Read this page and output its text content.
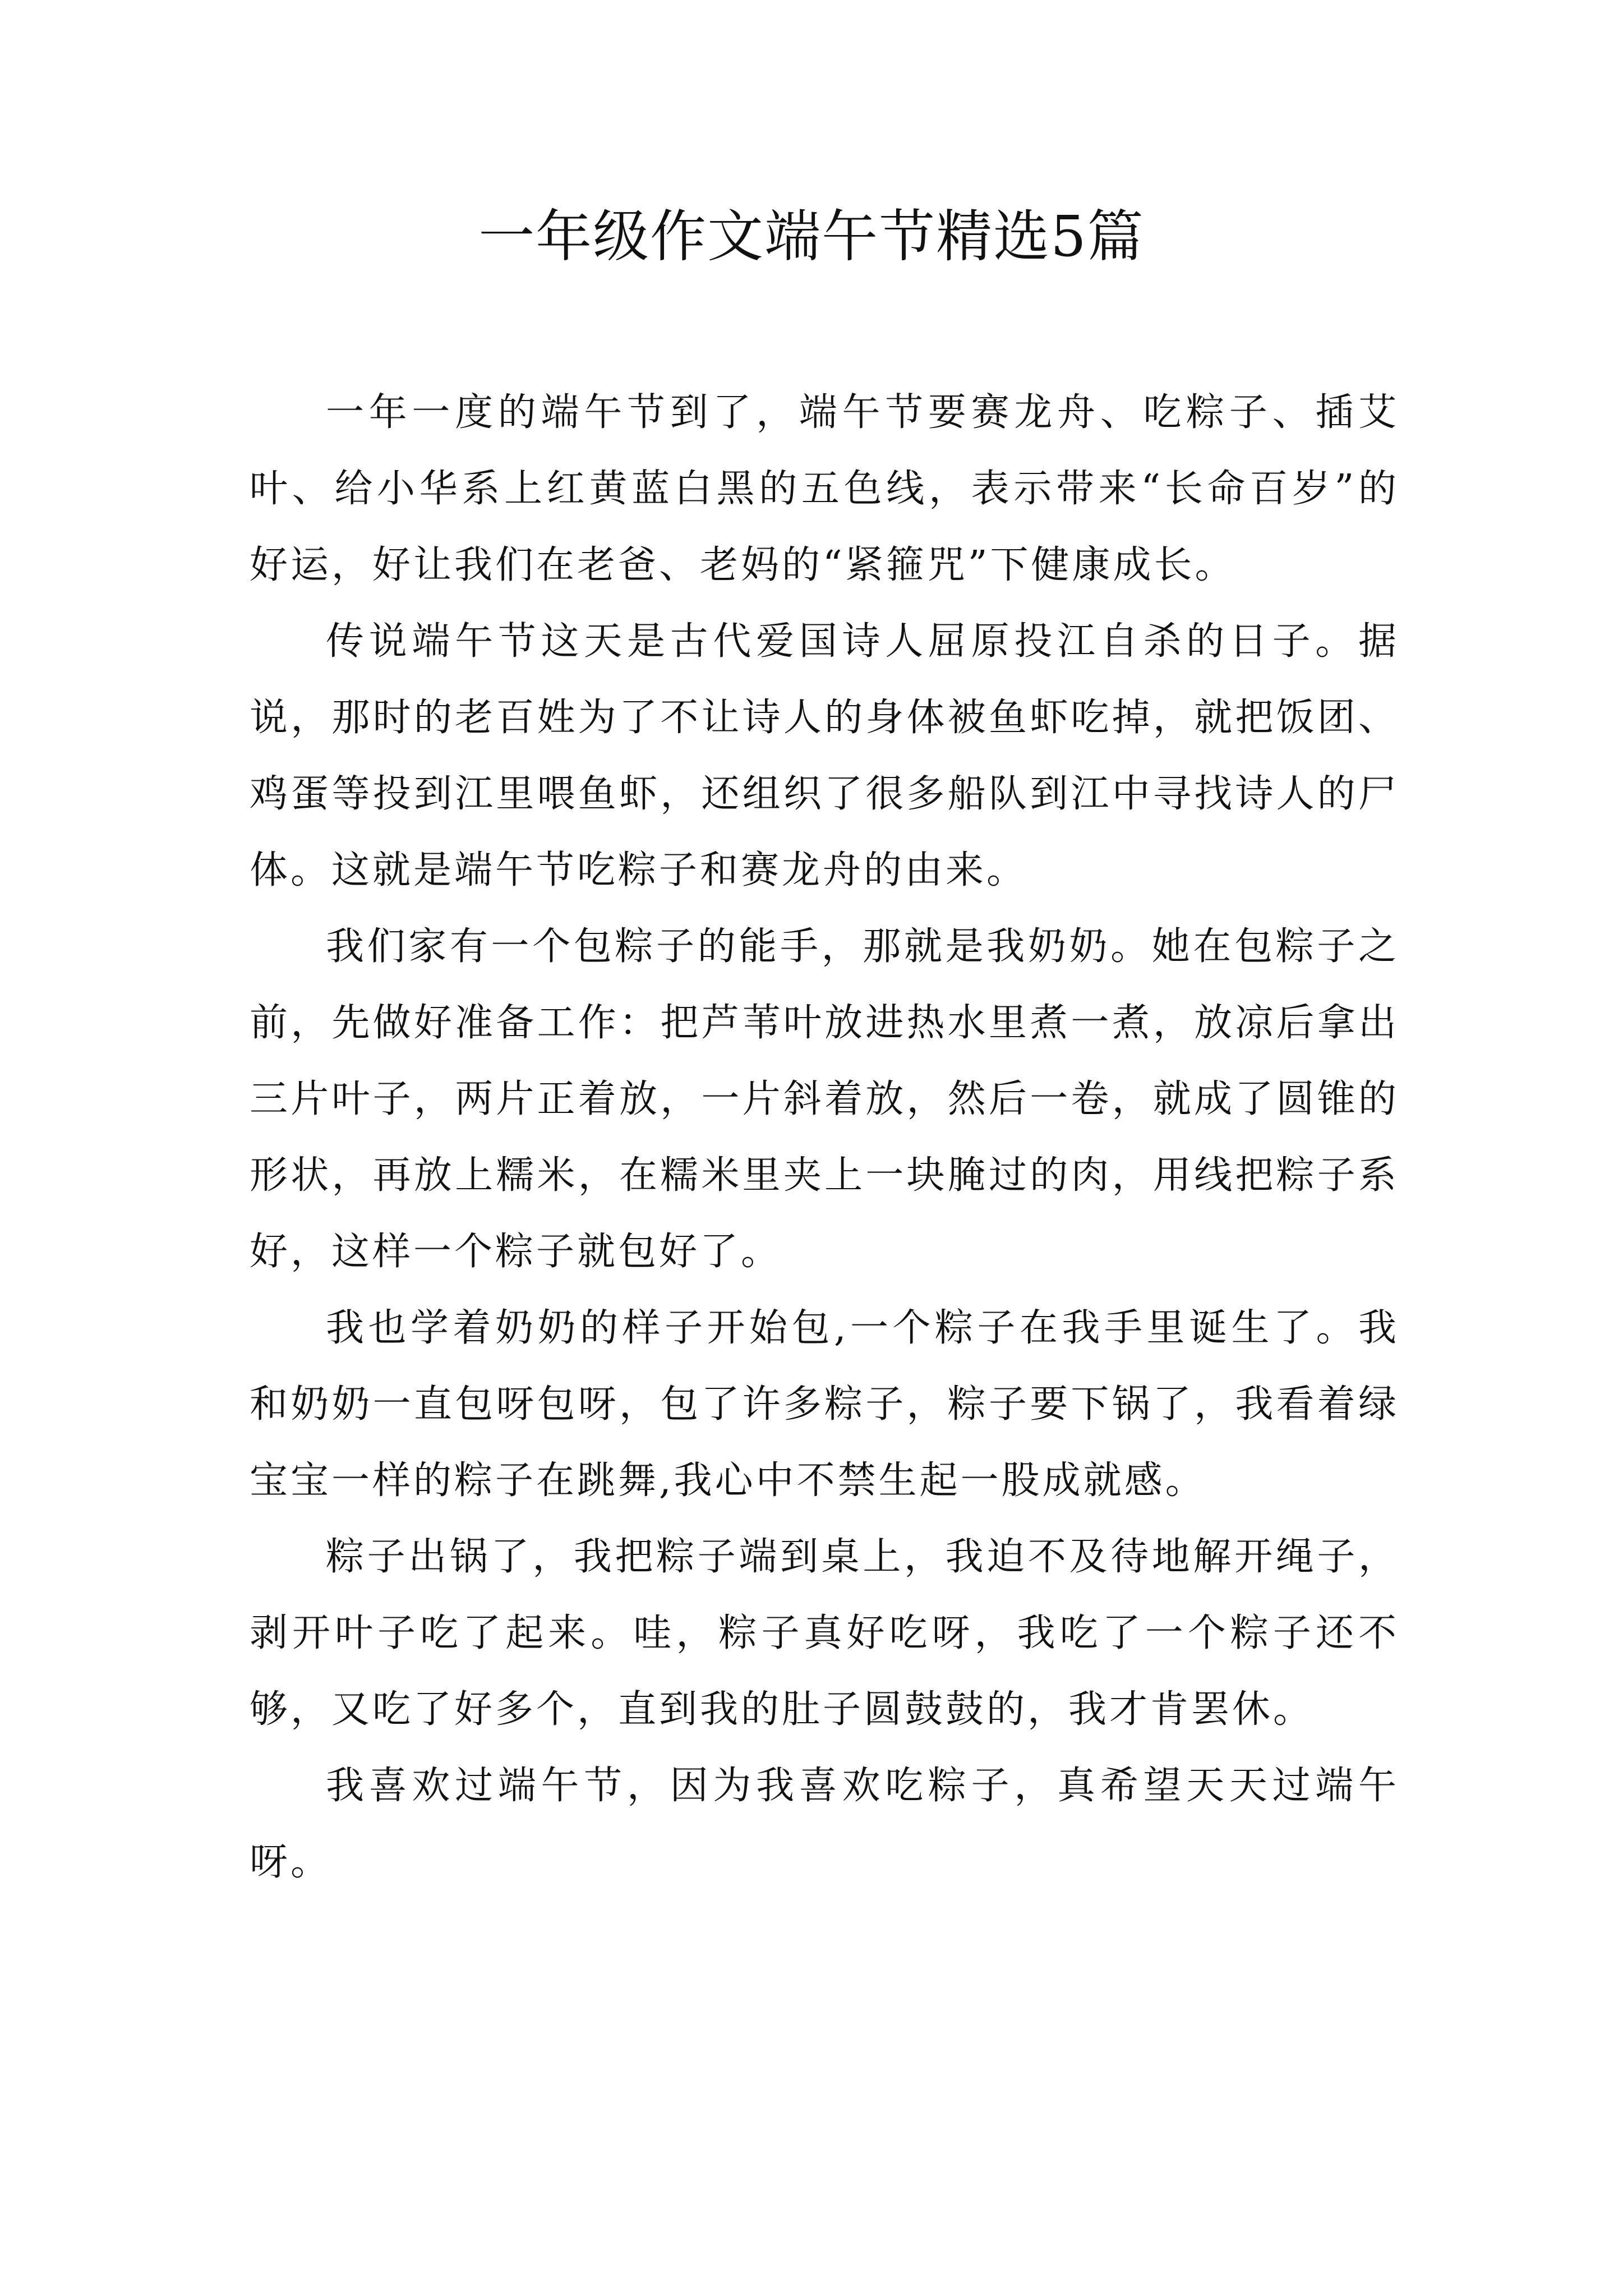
一年级作文端午节精选5篇

一年一度的端午节到了，端午节要赛龙舟、吃粽子、插艾叶、给小华系上红黄蓝白黑的五色线，表示带来“长命百岁”的好运，好让我们在老爸、老妈的“紧箍咒”下健康成长。

传说端午节这天是古代爱国诗人屈原投江自杀的日子。据说，那时的老百姓为了不让诗人的身体被鱼虾吃掉，就把饭团、鸡蛋等投到江里喂鱼虾，还组织了很多船队到江中寻找诗人的尸体。这就是端午节吃粽子和赛龙舟的由来。

我们家有一个包粽子的能手，那就是我奶奶。她在包粽子之前，先做好准备工作：把芦苇叶放进热水里煮一煮，放凉后拿出三片叶子，两片正着放，一片斜着放，然后一卷，就成了圆锥的形状，再放上糯米，在糯米里夹上一块腌过的肉，用线把粽子系好，这样一个粽子就包好了。

我也学着奶奶的样子开始包,一个粽子在我手里诞生了。我和奶奶一直包呀包呀，包了许多粽子，粽子要下锅了，我看着绿宝宝一样的粽子在跳舞,我心中不禁生起一股成就感。

粽子出锅了，我把粽子端到桌上，我迫不及待地解开绳子，剥开叶子吃了起来。哇，粽子真好吃呀，我吃了一个粽子还不够，又吃了好多个，直到我的肚子圆鼓鼓的，我才肯罢休。

我喜欢过端午节，因为我喜欢吃粽子，真希望天天过端午呀。
